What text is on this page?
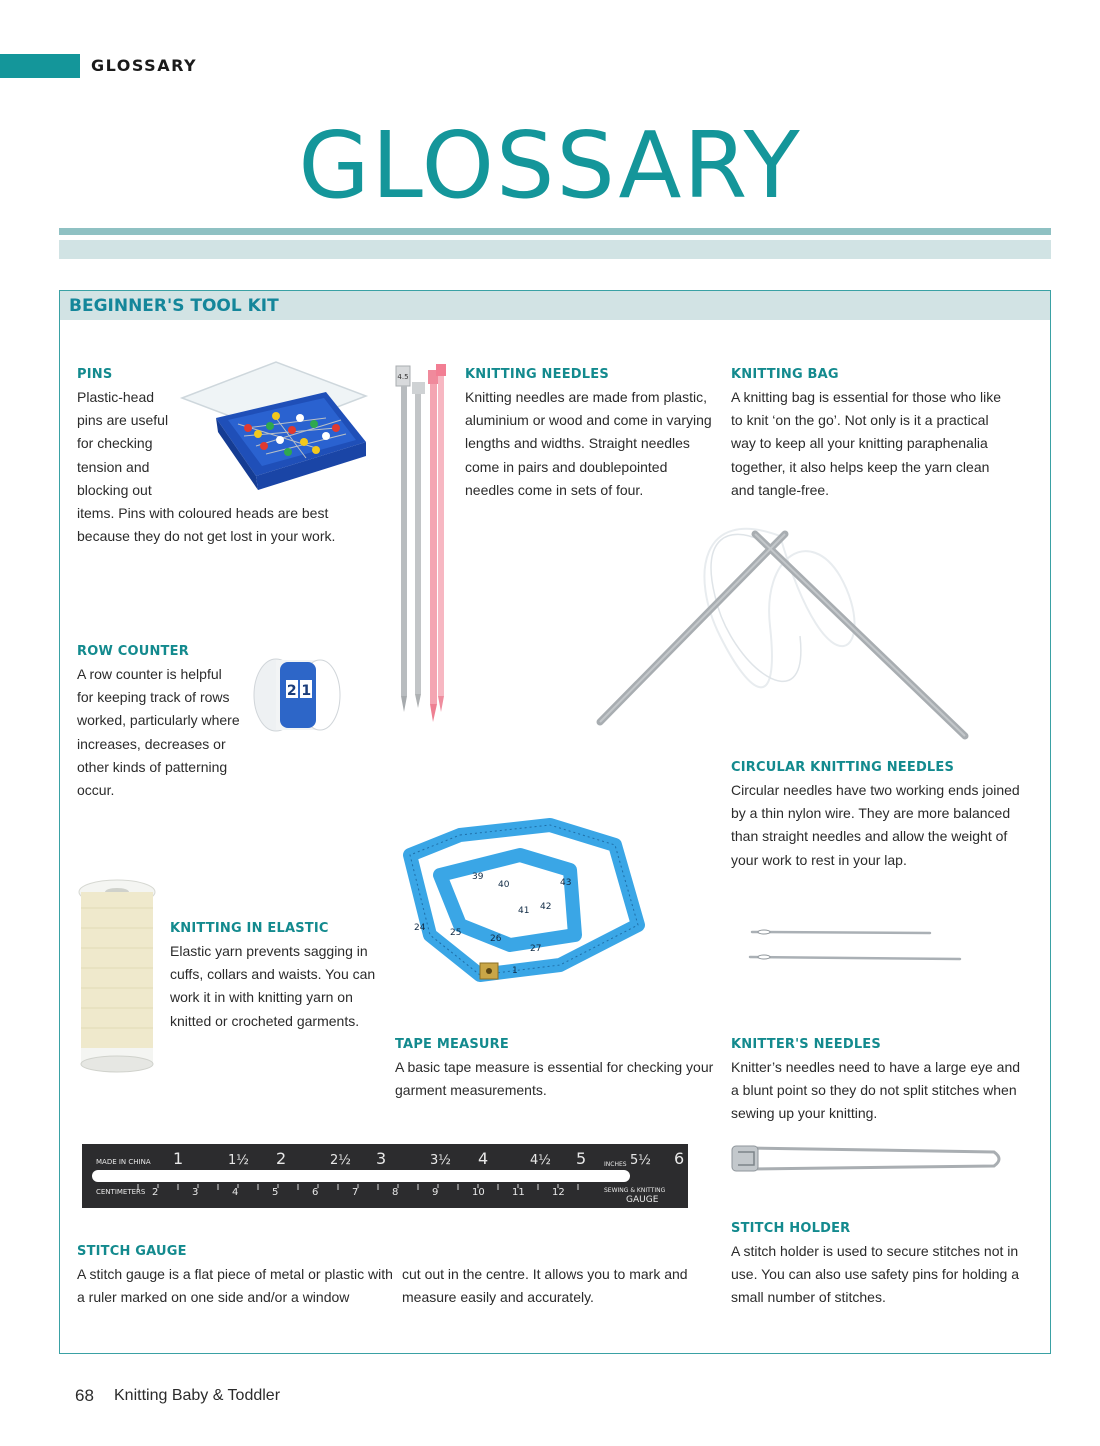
GLOSSARY
GLOSSARY
BEGINNER'S TOOL KIT
PINS
Plastic-head
pins are useful
for checking
tension and
blocking out
items. Pins with coloured heads are best
because they do not get lost in your work.
4.5	KNITTING NEEDLES
Knitting needles are made from plastic,
aluminium or wood and come in varying
lengths and widths. Straight needles
come in pairs and doublepointed
needles come in sets of four.
KNITTING BAG
A knitting bag is essential for those who like
to knit ‘on the go’. Not only is it a practical
way to keep all your knitting paraphenalia
together, it also helps keep the yarn clean
and tangle-free.
ROW COUNTER
A row counter is helpful
for keeping track of rows
worked, particularly where
increases, decreases or
other kinds of patterning
occur.
2 1
CIRCULAR KNITTING NEEDLES
Circular needles have two working ends joined
by a thin nylon wire. They are more balanced
than straight needles and allow the weight of
your work to rest in your lap.
24	25
26
27
39
40
41 42
43
1
KNITTING IN ELASTIC
Elastic yarn prevents sagging in
cuffs, collars and waists. You can
work it in with knitting yarn on
knitted or crocheted garments.
TAPE MEASURE
A basic tape measure is essential for checking your
garment measurements.
KNITTER'S NEEDLES
Knitter’s needles need to have a large eye and
a blunt point so they do not split stitches when
sewing up your knitting.
MADE IN CHINA 1	1½ 2	2½ 3	3½ 4	4½ 5	5½ 6
INCHES
CENTIMETERS 2	3	4	5	6	7	8	9	10	11	12	SEWING & KNITTING
GAUGE
STITCH HOLDER
A stitch holder is used to secure stitches not in
use. You can also use safety pins for holding a
small number of stitches.
STITCH GAUGE
A stitch gauge is a flat piece of metal or plastic with
a ruler marked on one side and/or a window
cut out in the centre. It allows you to mark and
measure easily and accurately.
68 Knitting Baby & Toddler
